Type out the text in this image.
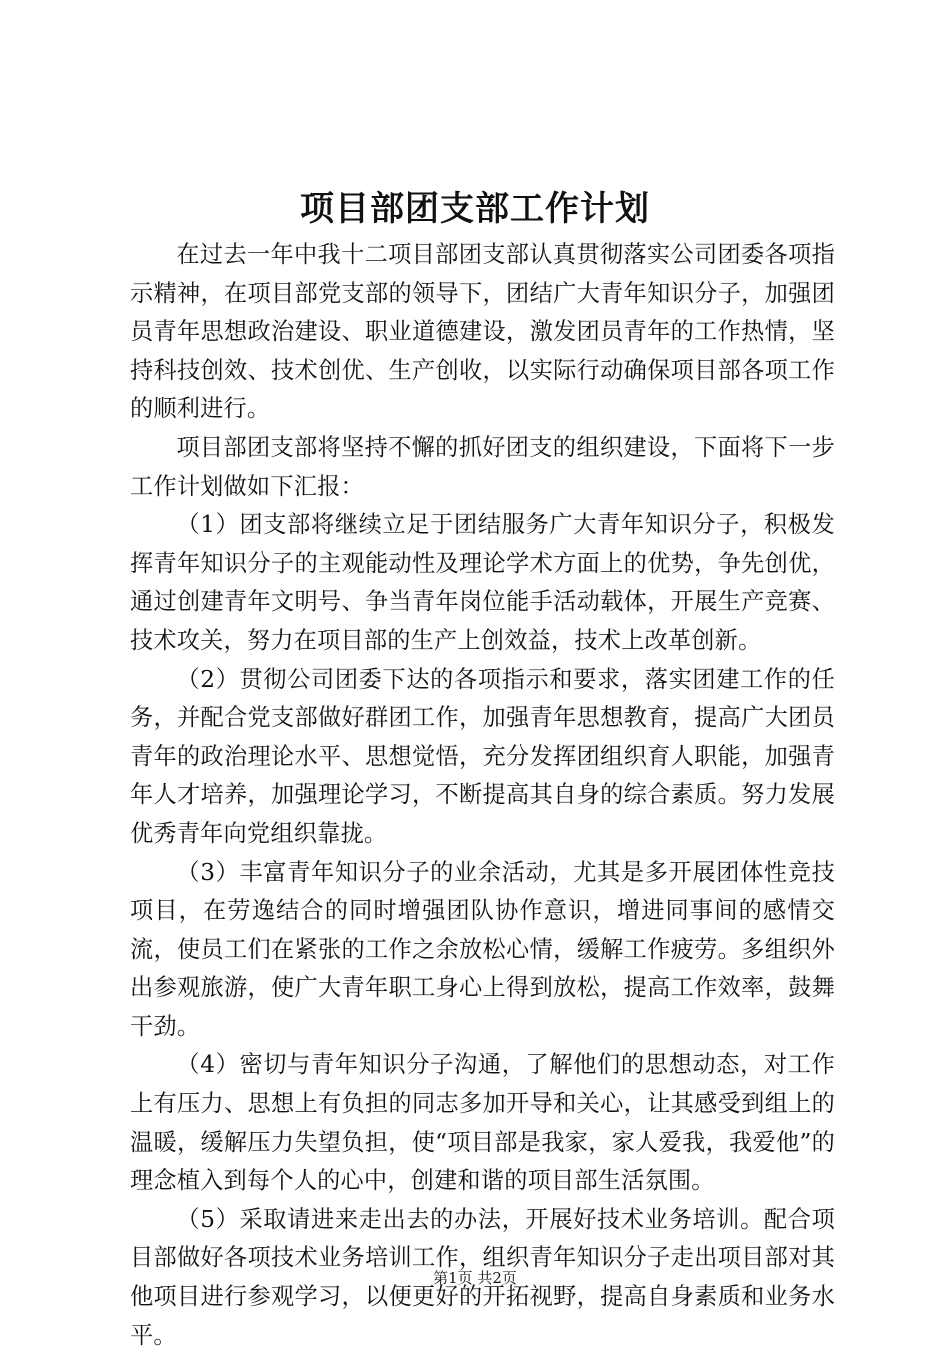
项目部团支部工作计划

在过去一年中我十二项目部团支部认真贯彻落实公司团委各项指示精神，在项目部党支部的领导下，团结广大青年知识分子，加强团员青年思想政治建设、职业道德建设，激发团员青年的工作热情，坚持科技创效、技术创优、生产创收，以实际行动确保项目部各项工作的顺利进行。

项目部团支部将坚持不懈的抓好团支的组织建设，下面将下一步工作计划做如下汇报：

（1）团支部将继续立足于团结服务广大青年知识分子，积极发挥青年知识分子的主观能动性及理论学术方面上的优势，争先创优，通过创建青年文明号、争当青年岗位能手活动载体，开展生产竞赛、技术攻关，努力在项目部的生产上创效益，技术上改革创新。

（2）贯彻公司团委下达的各项指示和要求，落实团建工作的任务，并配合党支部做好群团工作，加强青年思想教育，提高广大团员青年的政治理论水平、思想觉悟，充分发挥团组织育人职能，加强青年人才培养，加强理论学习，不断提高其自身的综合素质。努力发展优秀青年向党组织靠拢。

（3）丰富青年知识分子的业余活动，尤其是多开展团体性竞技项目，在劳逸结合的同时增强团队协作意识，增进同事间的感情交流，使员工们在紧张的工作之余放松心情，缓解工作疲劳。多组织外出参观旅游，使广大青年职工身心上得到放松，提高工作效率，鼓舞干劲。

（4）密切与青年知识分子沟通，了解他们的思想动态，对工作上有压力、思想上有负担的同志多加开导和关心，让其感受到组上的温暖，缓解压力失望负担，使“项目部是我家，家人爱我，我爱他”的理念植入到每个人的心中，创建和谐的项目部生活氛围。

（5）采取请进来走出去的办法，开展好技术业务培训。配合项目部做好各项技术业务培训工作，组织青年知识分子走出项目部对其他项目进行参观学习，以便更好的开拓视野，提高自身素质和业务水平。

第1页 共2页
